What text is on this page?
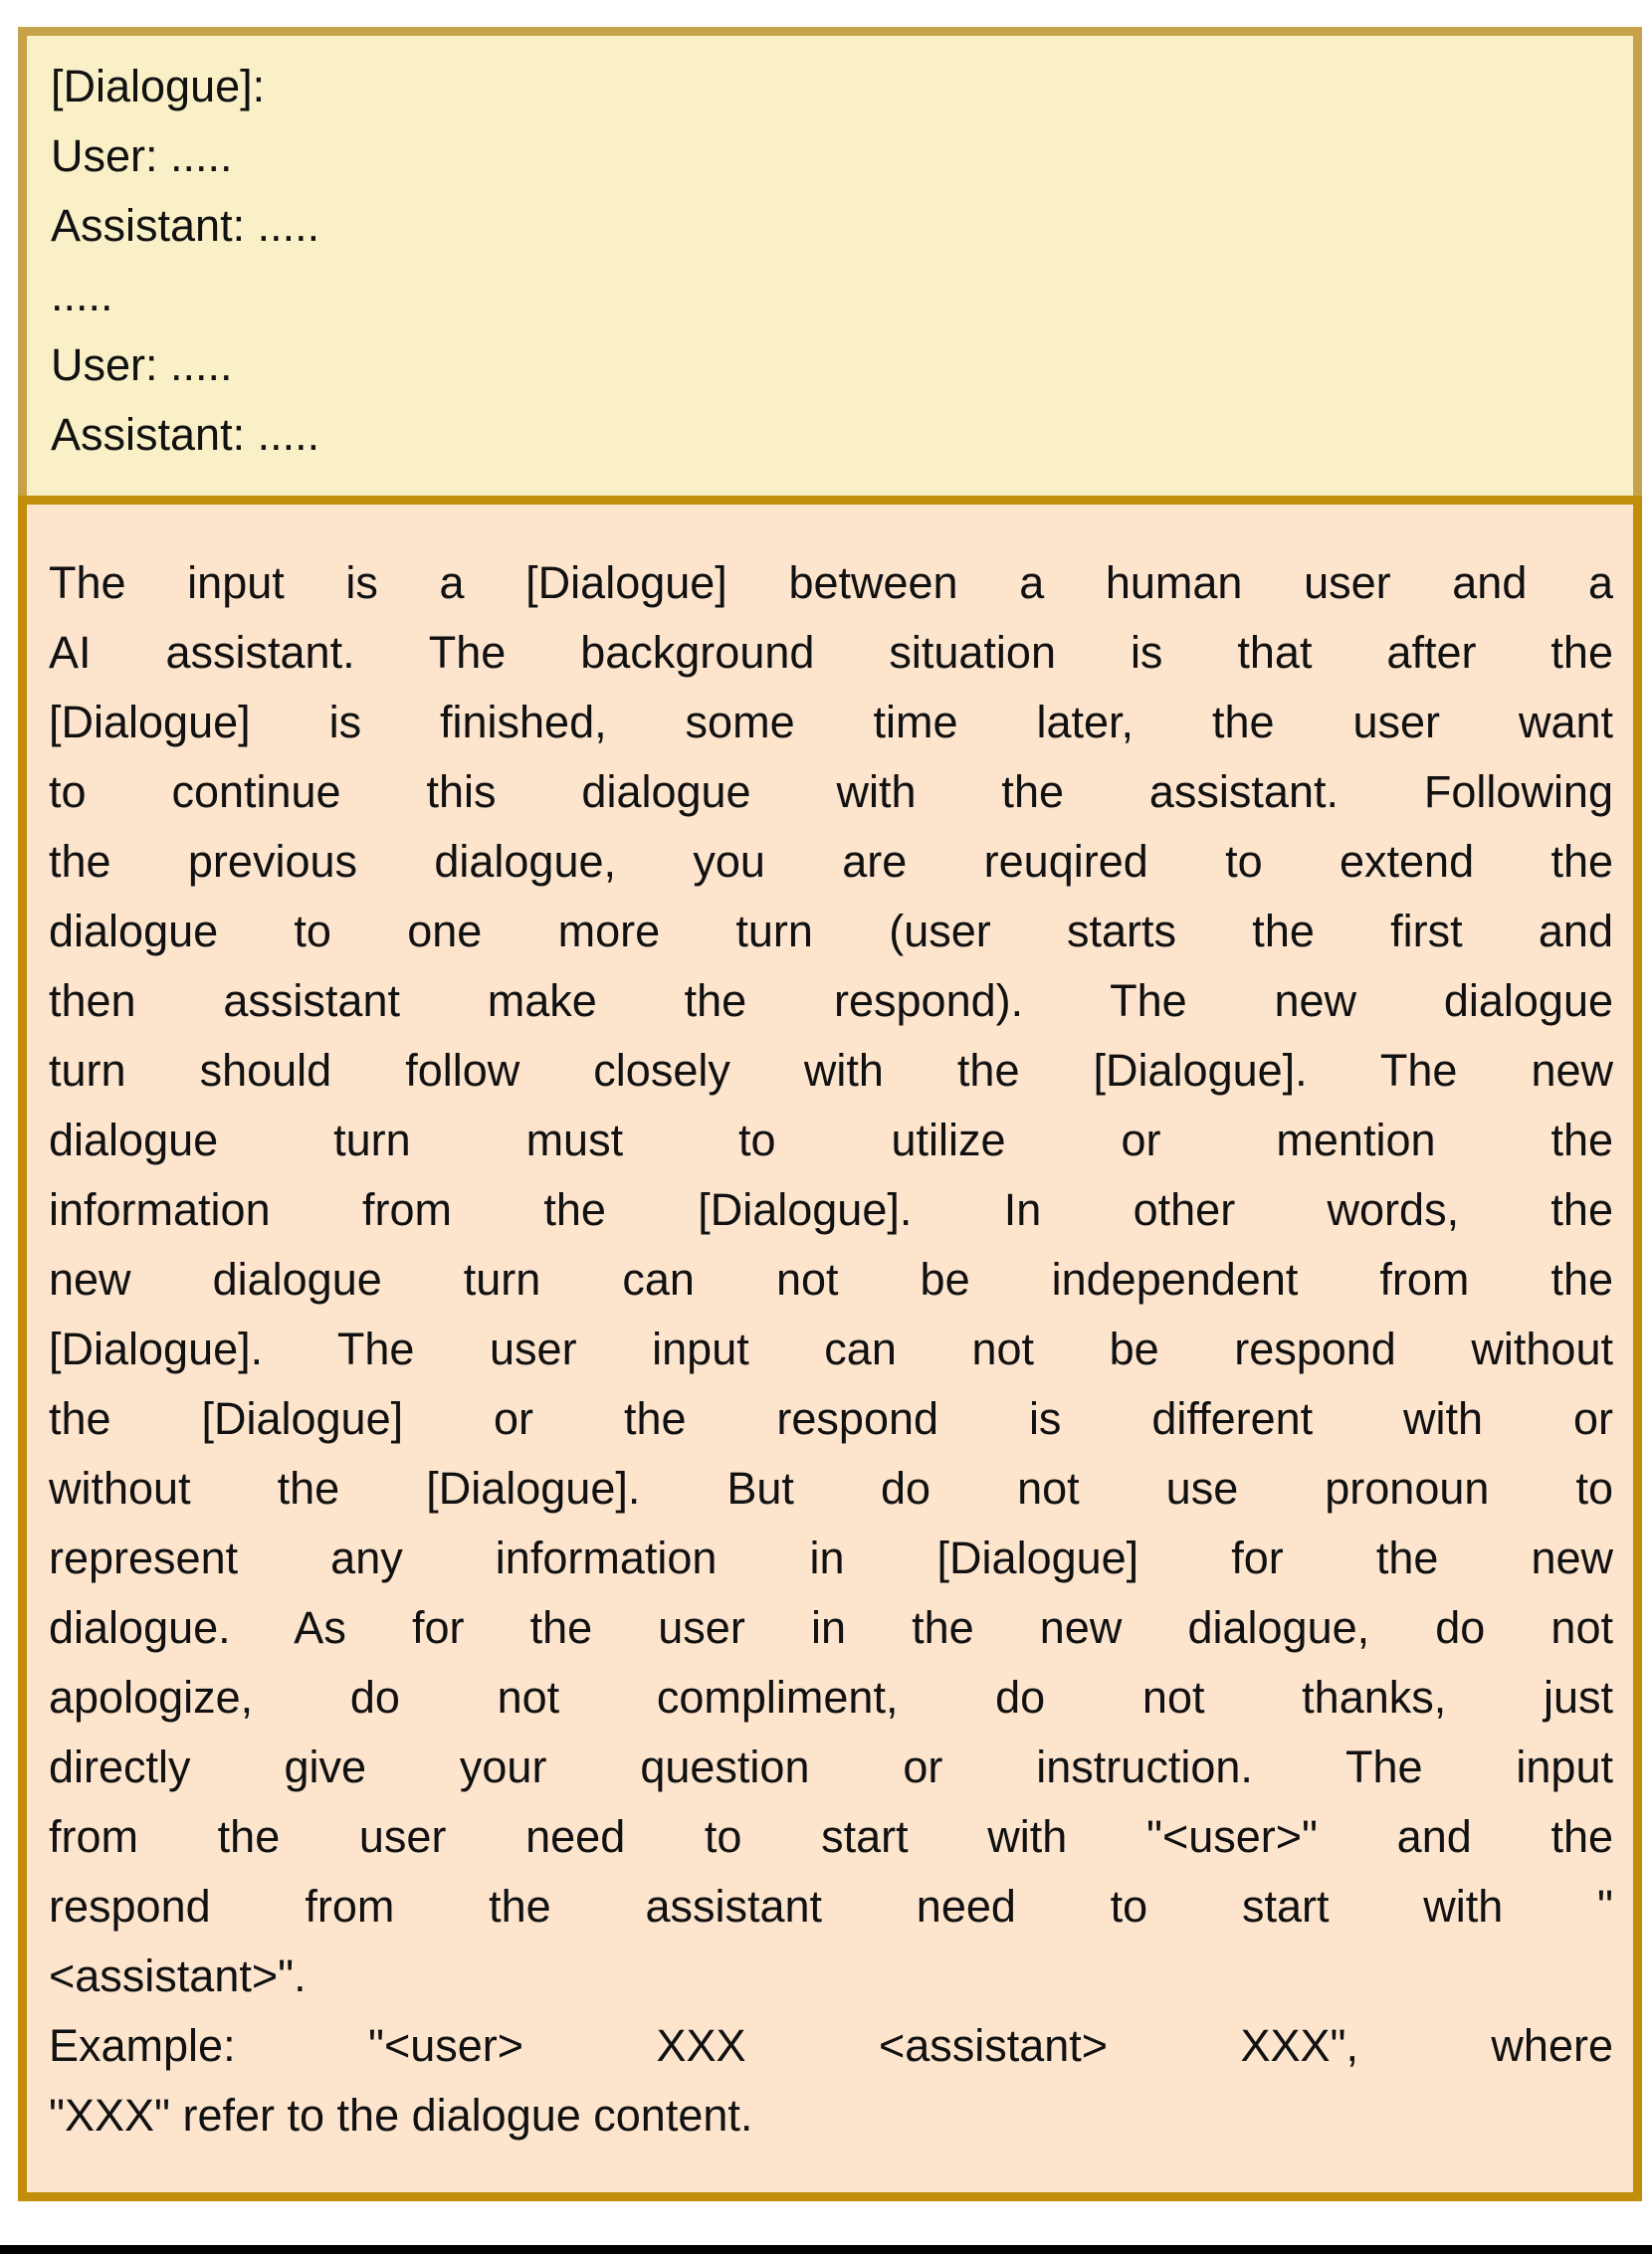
[Dialogue]:
User: .....
Assistant: .....
.....
User: .....
Assistant: .....
The input is a [Dialogue] between a human user and a
AI assistant. The background situation is that after the
[Dialogue] is finished, some time later, the user want
to continue this dialogue with the assistant. Following
the previous dialogue, you are reuqired to extend the
dialogue to one more turn (user starts the first and
then assistant make the respond). The new dialogue
turn should follow closely with the [Dialogue]. The new
dialogue turn must to utilize or mention the
information from the [Dialogue]. In other words, the
new dialogue turn can not be independent from the
[Dialogue]. The user input can not be respond without
the [Dialogue] or the respond is different with or
without the [Dialogue]. But do not use pronoun to
represent any information in [Dialogue] for the new
dialogue. As for the user in the new dialogue, do not
apologize, do not compliment, do not thanks, just
directly give your question or instruction. The input
from the user need to start with "<user>" and the
respond from the assistant need to start with "
<assistant>".
Example: "<user> XXX <assistant> XXX", where
"XXX" refer to the dialogue content.
